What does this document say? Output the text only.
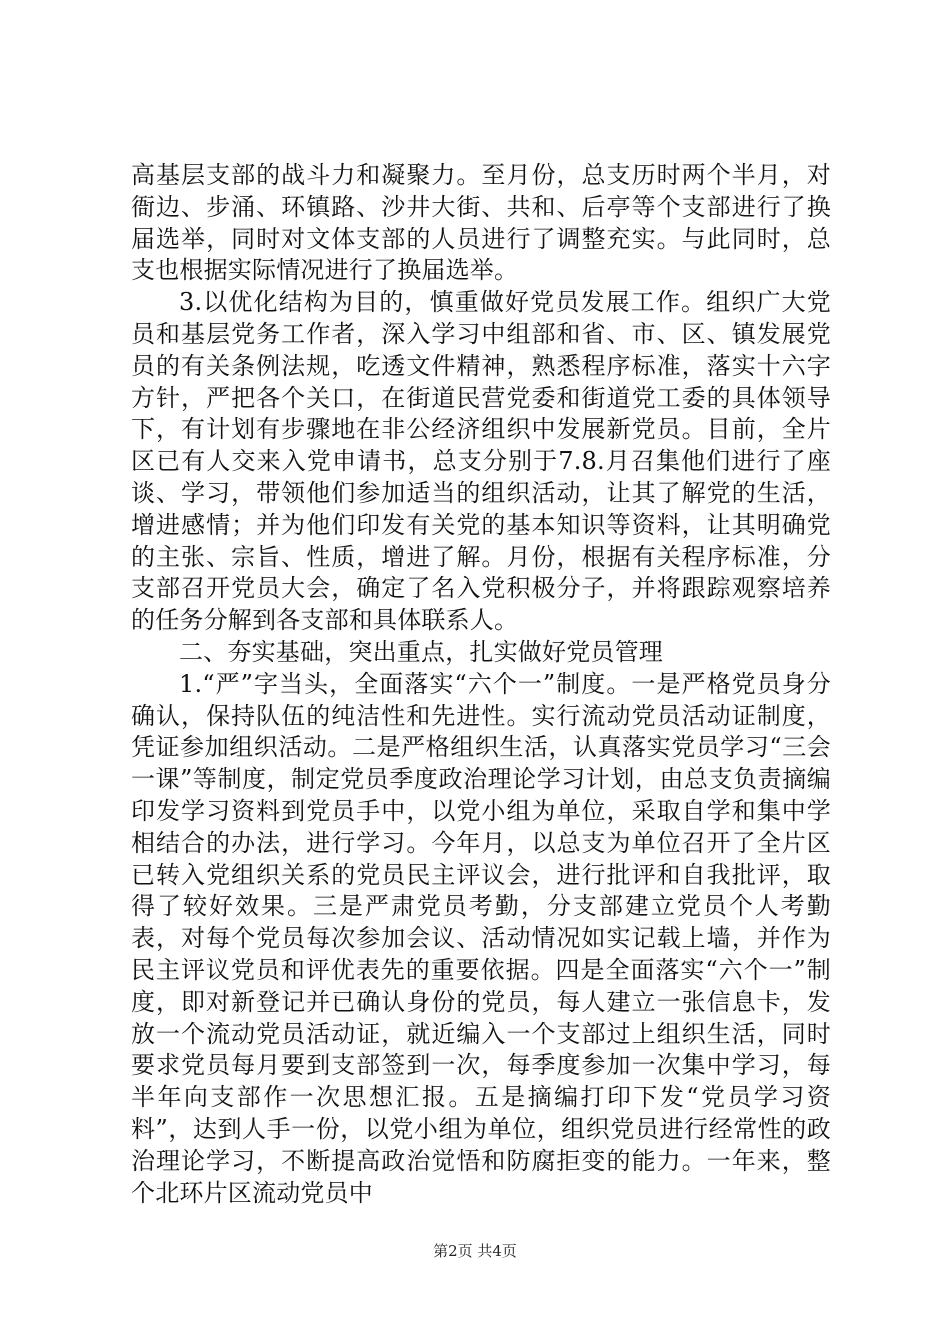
高基层支部的战斗力和凝聚力。至月份，总支历时两个半月，对衙边、步涌、环镇路、沙井大街、共和、后亭等个支部进行了换届选举，同时对文体支部的人员进行了调整充实。与此同时，总支也根据实际情况进行了换届选举。

3.以优化结构为目的，慎重做好党员发展工作。组织广大党员和基层党务工作者，深入学习中组部和省、市、区、镇发展党员的有关条例法规，吃透文件精神，熟悉程序标准，落实十六字方针，严把各个关口，在街道民营党委和街道党工委的具体领导下，有计划有步骤地在非公经济组织中发展新党员。目前，全片区已有人交来入党申请书，总支分别于7.8.月召集他们进行了座谈、学习，带领他们参加适当的组织活动，让其了解党的生活，增进感情；并为他们印发有关党的基本知识等资料，让其明确党的主张、宗旨、性质，增进了解。月份，根据有关程序标准，分支部召开党员大会，确定了名入党积极分子，并将跟踪观察培养的任务分解到各支部和具体联系人。

二、夯实基础，突出重点，扎实做好党员管理

1.“严”字当头，全面落实“六个一”制度。一是严格党员身分确认，保持队伍的纯洁性和先进性。实行流动党员活动证制度，凭证参加组织活动。二是严格组织生活，认真落实党员学习“三会一课”等制度，制定党员季度政治理论学习计划，由总支负责摘编印发学习资料到党员手中，以党小组为单位，采取自学和集中学相结合的办法，进行学习。今年月，以总支为单位召开了全片区已转入党组织关系的党员民主评议会，进行批评和自我批评，取得了较好效果。三是严肃党员考勤，分支部建立党员个人考勤表，对每个党员每次参加会议、活动情况如实记载上墙，并作为民主评议党员和评优表先的重要依据。四是全面落实“六个一”制度，即对新登记并已确认身份的党员，每人建立一张信息卡，发放一个流动党员活动证，就近编入一个支部过上组织生活，同时要求党员每月要到支部签到一次，每季度参加一次集中学习，每半年向支部作一次思想汇报。五是摘编打印下发“党员学习资料”，达到人手一份，以党小组为单位，组织党员进行经常性的政治理论学习，不断提高政治觉悟和防腐拒变的能力。一年来，整个北环片区流动党员中

第2页 共4页
